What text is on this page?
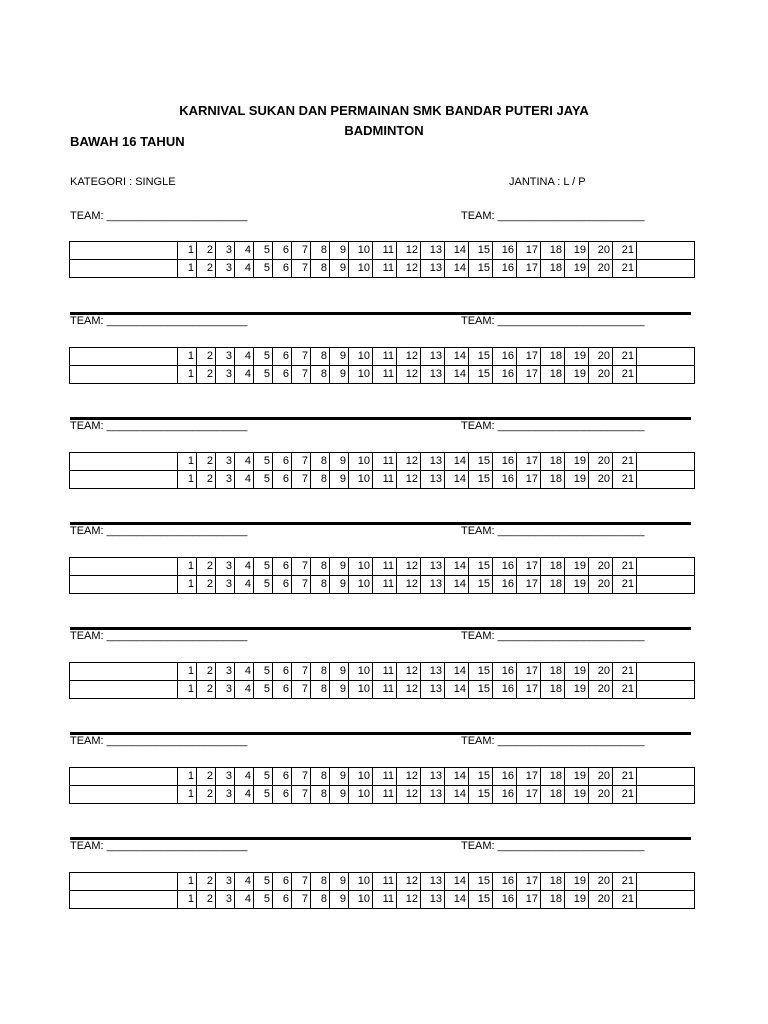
KARNIVAL SUKAN DAN PERMAINAN SMK BANDAR PUTERI JAYA
BADMINTON
BAWAH 16 TAHUN
KATEGORI : SINGLE	JANTINA : L / P
TEAM: _______________________	TEAM: ________________________
	1	2	3	4	5	6	7	8	9	10	11	12	13	14	15	16	17	18	19	20	21	
	1	2	3	4	5	6	7	8	9	10	11	12	13	14	15	16	17	18	19	20	21	
TEAM: _______________________	TEAM: ________________________
	1	2	3	4	5	6	7	8	9	10	11	12	13	14	15	16	17	18	19	20	21	
	1	2	3	4	5	6	7	8	9	10	11	12	13	14	15	16	17	18	19	20	21	
TEAM: _______________________	TEAM: ________________________
	1	2	3	4	5	6	7	8	9	10	11	12	13	14	15	16	17	18	19	20	21	
	1	2	3	4	5	6	7	8	9	10	11	12	13	14	15	16	17	18	19	20	21	
TEAM: _______________________	TEAM: ________________________
	1	2	3	4	5	6	7	8	9	10	11	12	13	14	15	16	17	18	19	20	21	
	1	2	3	4	5	6	7	8	9	10	11	12	13	14	15	16	17	18	19	20	21	
TEAM: _______________________	TEAM: ________________________
	1	2	3	4	5	6	7	8	9	10	11	12	13	14	15	16	17	18	19	20	21	
	1	2	3	4	5	6	7	8	9	10	11	12	13	14	15	16	17	18	19	20	21	
TEAM: _______________________	TEAM: ________________________
	1	2	3	4	5	6	7	8	9	10	11	12	13	14	15	16	17	18	19	20	21	
	1	2	3	4	5	6	7	8	9	10	11	12	13	14	15	16	17	18	19	20	21	
TEAM: _______________________	TEAM: ________________________
	1	2	3	4	5	6	7	8	9	10	11	12	13	14	15	16	17	18	19	20	21	
	1	2	3	4	5	6	7	8	9	10	11	12	13	14	15	16	17	18	19	20	21	
